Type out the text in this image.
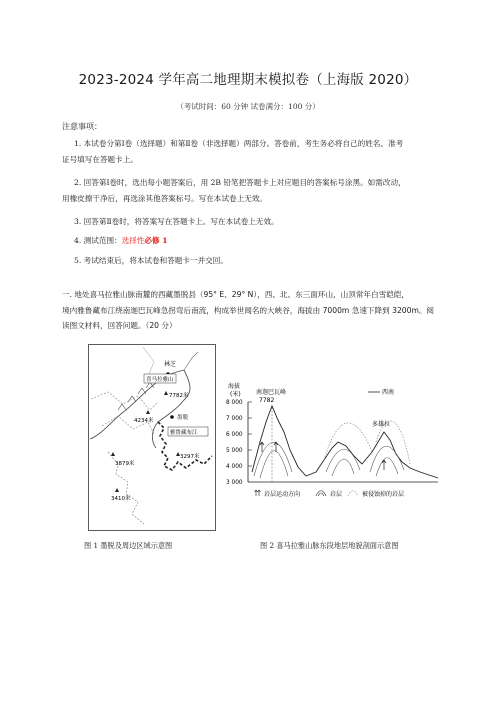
2023-2024 学年高二地理期末模拟卷（上海版 2020）
（考试时间：60 分钟 试卷满分：100 分）
注意事项：
1. 本试卷分第Ⅰ卷（选择题）和第Ⅱ卷（非选择题）两部分。答卷前，考生务必将自己的姓名、准考
证号填写在答题卡上。
2. 回答第Ⅰ卷时，选出每小题答案后，用 2B 铅笔把答题卡上对应题目的答案标号涂黑。如需改动，
用橡皮擦干净后，再选涂其他答案标号。写在本试卷上无效。
3. 回答第Ⅱ卷时，将答案写在答题卡上。写在本试卷上无效。
4. 测试范围：选择性必修 1
5. 考试结束后，将本试卷和答题卡一并交回。
一. 地处喜马拉雅山脉南麓的西藏墨脱县（95° E、29° N），西、北、东三面环山，山顶常年白雪皑皑，
境内雅鲁藏布江绕南迦巴瓦峰急拐弯后南流，构成举世闻名的大峡谷，海拔由 7000m 急速下降到 3200m。阅
读图文材料，回答问题。（20 分）
林芝
喜马拉雅山
7782米
4234米	墨脱
雅鲁藏布江
3879米
3297米
3410米
海拔
(米)
8 000
7 000
6 000
5 000
4 000
3 000
南迦巴瓦峰
7782
西南
多雄拉
岩层运动方向	岩层	被侵蚀掉的岩层
图 1 墨脱及周边区域示意图	图 2 喜马拉雅山脉东段地层地貌剖面示意图
